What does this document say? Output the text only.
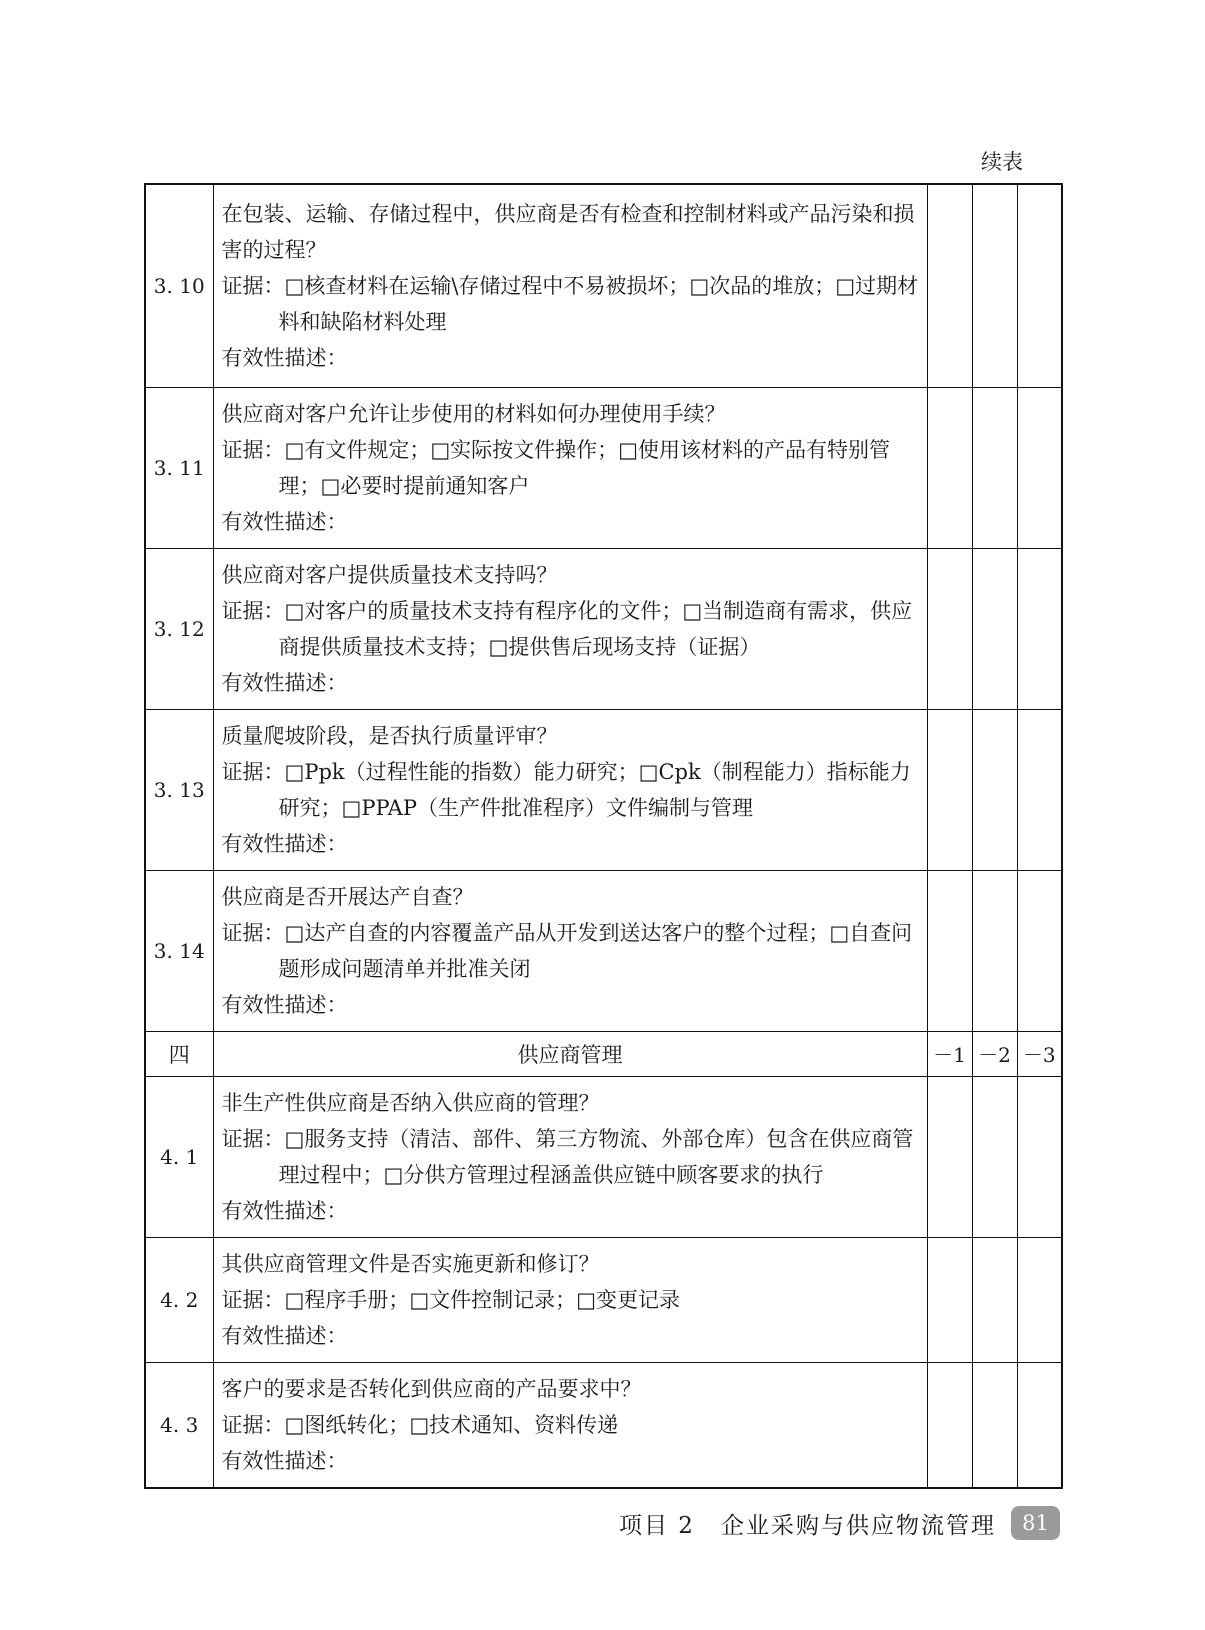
续表
3. 10	在包装、运输、存储过程中，供应商是否有检查和控制材料或产品污染和损害的过程？
证据：□核查材料在运输\存储过程中不易被损坏；□次品的堆放；□过期材料和缺陷材料处理
有效性描述：			

3. 11	供应商对客户允许让步使用的材料如何办理使用手续？
证据：□有文件规定；□实际按文件操作；□使用该材料的产品有特别管理；□必要时提前通知客户
有效性描述：			

3. 12	供应商对客户提供质量技术支持吗？
证据：□对客户的质量技术支持有程序化的文件；□当制造商有需求，供应商提供质量技术支持；□提供售后现场支持（证据）
有效性描述：			

3. 13	质量爬坡阶段，是否执行质量评审？
证据：□Ppk（过程性能的指数）能力研究；□Cpk（制程能力）指标能力研究；□PPAP（生产件批准程序）文件编制与管理
有效性描述：			

3. 14	供应商是否开展达产自查？
证据：□达产自查的内容覆盖产品从开发到送达客户的整个过程；□自查问题形成问题清单并批准关闭
有效性描述：			

四	供应商管理	－1	－2	－3
4. 1	非生产性供应商是否纳入供应商的管理？
证据：□服务支持（清洁、部件、第三方物流、外部仓库）包含在供应商管理过程中；□分供方管理过程涵盖供应链中顾客要求的执行
有效性描述：			

4. 2	其供应商管理文件是否实施更新和修订？
证据：□程序手册；□文件控制记录；□变更记录
有效性描述：			

4. 3	客户的要求是否转化到供应商的产品要求中？
证据：□图纸转化；□技术通知、资料传递
有效性描述：			

项目 2 企业采购与供应物流管理	81
